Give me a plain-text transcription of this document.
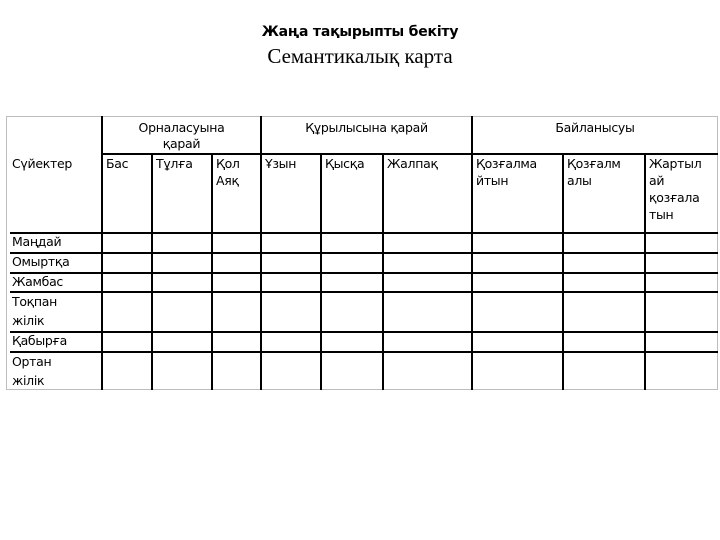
Жаңа тақырыпты бекіту
Семантикалық карта
Сүйектер
Орналасуына
қарай
Құрылысына қарай	Байланысуы
Бас Тұлға Қол
Аяқ
Ұзын Қысқа Жалпақ	Қозғалма
йтын
Қозғалм
алы
Жартыл
ай
қозғала
тын
Маңдай
Омыртқа
Жамбас
Тоқпан
жілік
Қабырға
Ортан
жілік
